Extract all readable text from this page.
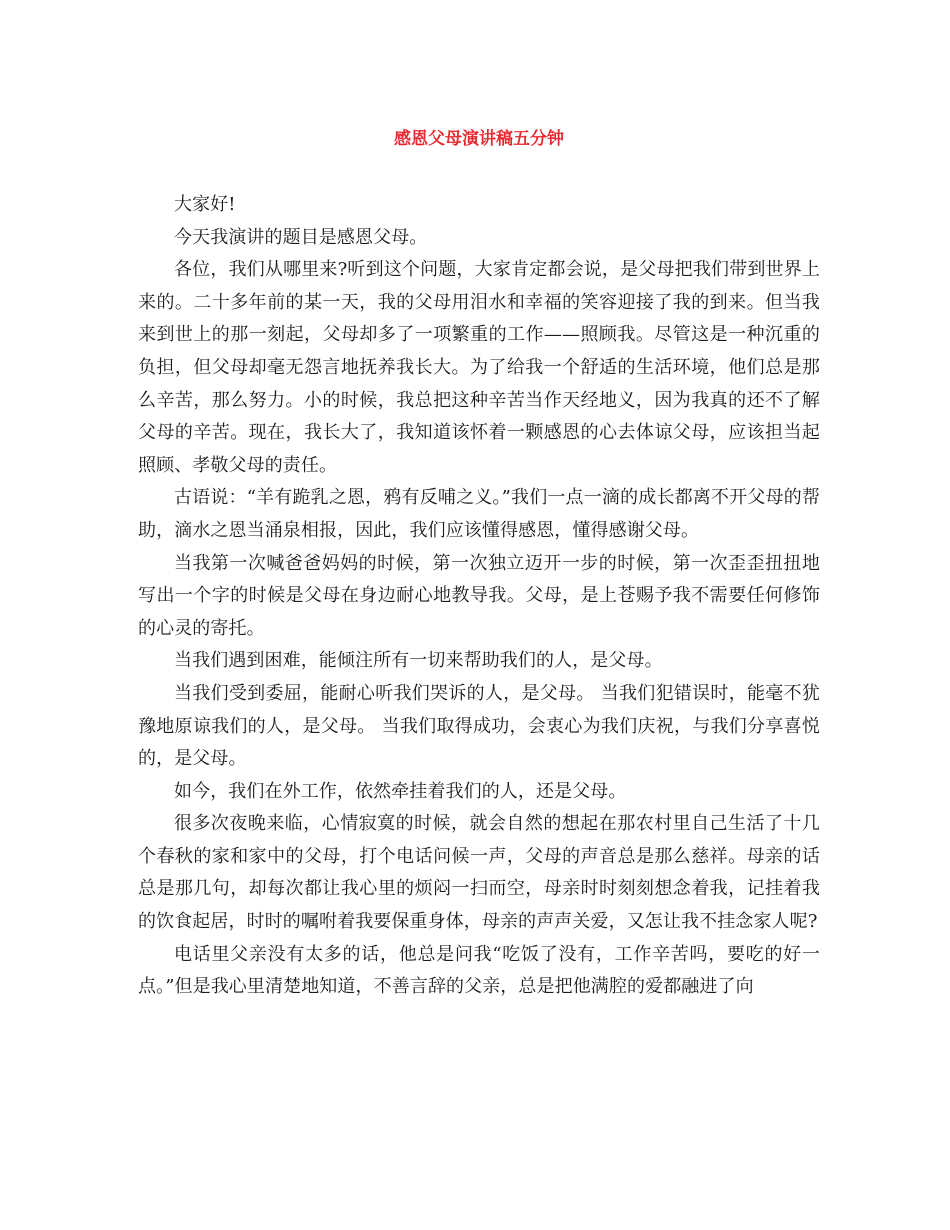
感恩父母演讲稿五分钟

大家好!

今天我演讲的题目是感恩父母。

各位，我们从哪里来?听到这个问题，大家肯定都会说，是父母把我们带到世界上来的。二十多年前的某一天，我的父母用泪水和幸福的笑容迎接了我的到来。但当我来到世上的那一刻起，父母却多了一项繁重的工作——照顾我。尽管这是一种沉重的负担，但父母却毫无怨言地抚养我长大。为了给我一个舒适的生活环境，他们总是那么辛苦，那么努力。小的时候，我总把这种辛苦当作天经地义，因为我真的还不了解父母的辛苦。现在，我长大了，我知道该怀着一颗感恩的心去体谅父母，应该担当起照顾、孝敬父母的责任。

古语说：“羊有跪乳之恩，鸦有反哺之义。”我们一点一滴的成长都离不开父母的帮助，滴水之恩当涌泉相报，因此，我们应该懂得感恩，懂得感谢父母。

当我第一次喊爸爸妈妈的时候，第一次独立迈开一步的时候，第一次歪歪扭扭地写出一个字的时候是父母在身边耐心地教导我。父母，是上苍赐予我不需要任何修饰的心灵的寄托。

当我们遇到困难，能倾注所有一切来帮助我们的人，是父母。

当我们受到委屈，能耐心听我们哭诉的人，是父母。 当我们犯错误时，能毫不犹豫地原谅我们的人，是父母。 当我们取得成功，会衷心为我们庆祝，与我们分享喜悦的，是父母。

如今，我们在外工作，依然牵挂着我们的人，还是父母。

很多次夜晚来临，心情寂寞的时候，就会自然的想起在那农村里自己生活了十几个春秋的家和家中的父母，打个电话问候一声，父母的声音总是那么慈祥。母亲的话总是那几句，却每次都让我心里的烦闷一扫而空，母亲时时刻刻想念着我，记挂着我的饮食起居，时时的嘱咐着我要保重身体，母亲的声声关爱，又怎让我不挂念家人呢?

电话里父亲没有太多的话，他总是问我“吃饭了没有，工作辛苦吗，要吃的好一点。”但是我心里清楚地知道，不善言辞的父亲，总是把他满腔的爱都融进了向
